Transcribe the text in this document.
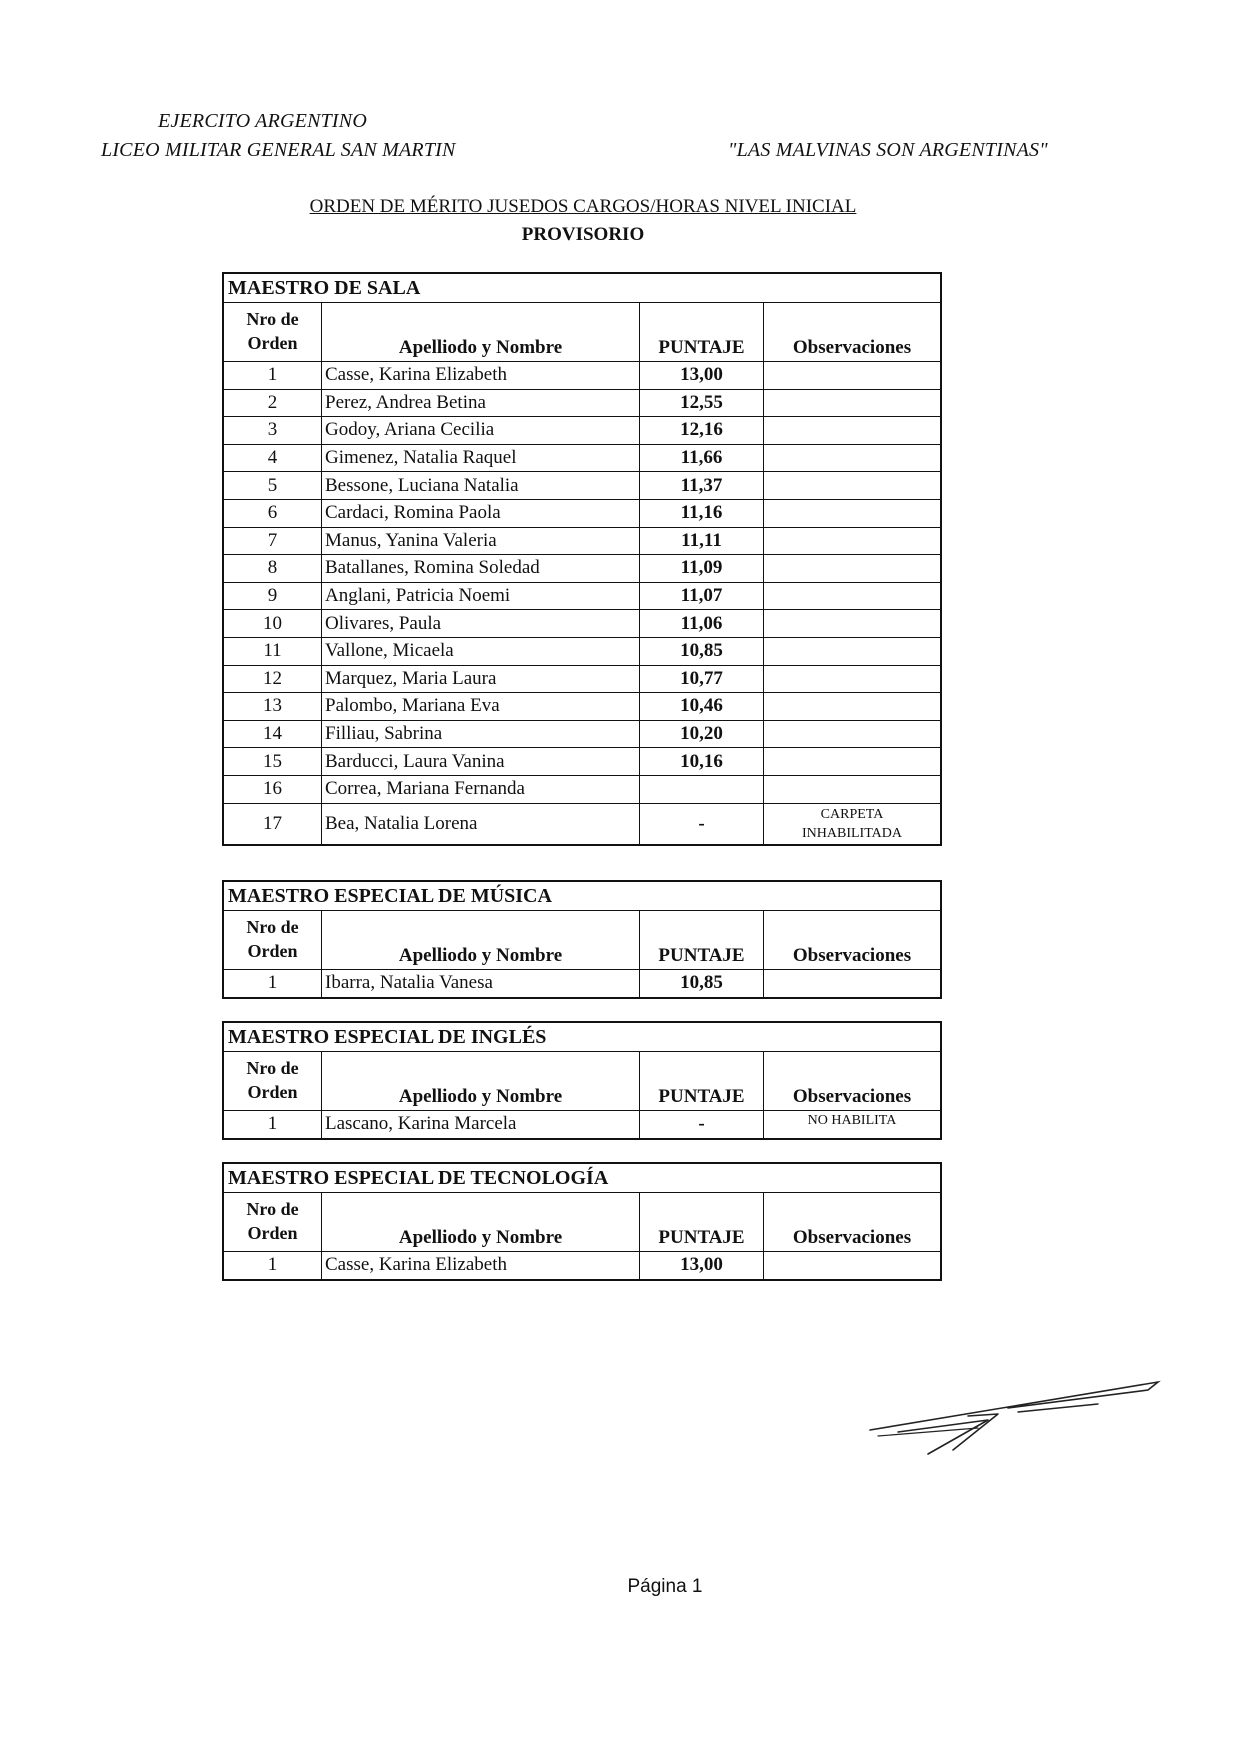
EJERCITO ARGENTINO
LICEO MILITAR GENERAL SAN MARTIN	"LAS MALVINAS SON ARGENTINAS"
ORDEN DE MÉRITO JUSEDOS CARGOS/HORAS NIVEL INICIAL
PROVISORIO
MAESTRO DE SALA
Nro de
Orden	Apelliodo y Nombre	PUNTAJE	Observaciones
1	Casse, Karina Elizabeth	13,00	
2	Perez, Andrea Betina	12,55	
3	Godoy, Ariana Cecilia	12,16	
4	Gimenez, Natalia Raquel	11,66	
5	Bessone, Luciana Natalia	11,37	
6	Cardaci, Romina Paola	11,16	
7	Manus, Yanina Valeria	11,11	
8	Batallanes, Romina Soledad	11,09	
9	Anglani, Patricia Noemi	11,07	
10	Olivares, Paula	11,06	
11	Vallone, Micaela	10,85	
12	Marquez, Maria Laura	10,77	
13	Palombo, Mariana Eva	10,46	
14	Filliau, Sabrina	10,20	
15	Barducci, Laura Vanina	10,16	
16	Correa, Mariana Fernanda		
17	Bea, Natalia Lorena	-	CARPETA
INHABILITADA
MAESTRO ESPECIAL DE MÚSICA
Nro de
Orden	Apelliodo y Nombre	PUNTAJE	Observaciones
1	Ibarra, Natalia Vanesa	10,85	
MAESTRO ESPECIAL DE INGLÉS
Nro de
Orden	Apelliodo y Nombre	PUNTAJE	Observaciones
1	Lascano, Karina Marcela	-	NO HABILITA
MAESTRO ESPECIAL DE TECNOLOGÍA
Nro de
Orden	Apelliodo y Nombre	PUNTAJE	Observaciones
1	Casse, Karina Elizabeth	13,00	
Página 1
